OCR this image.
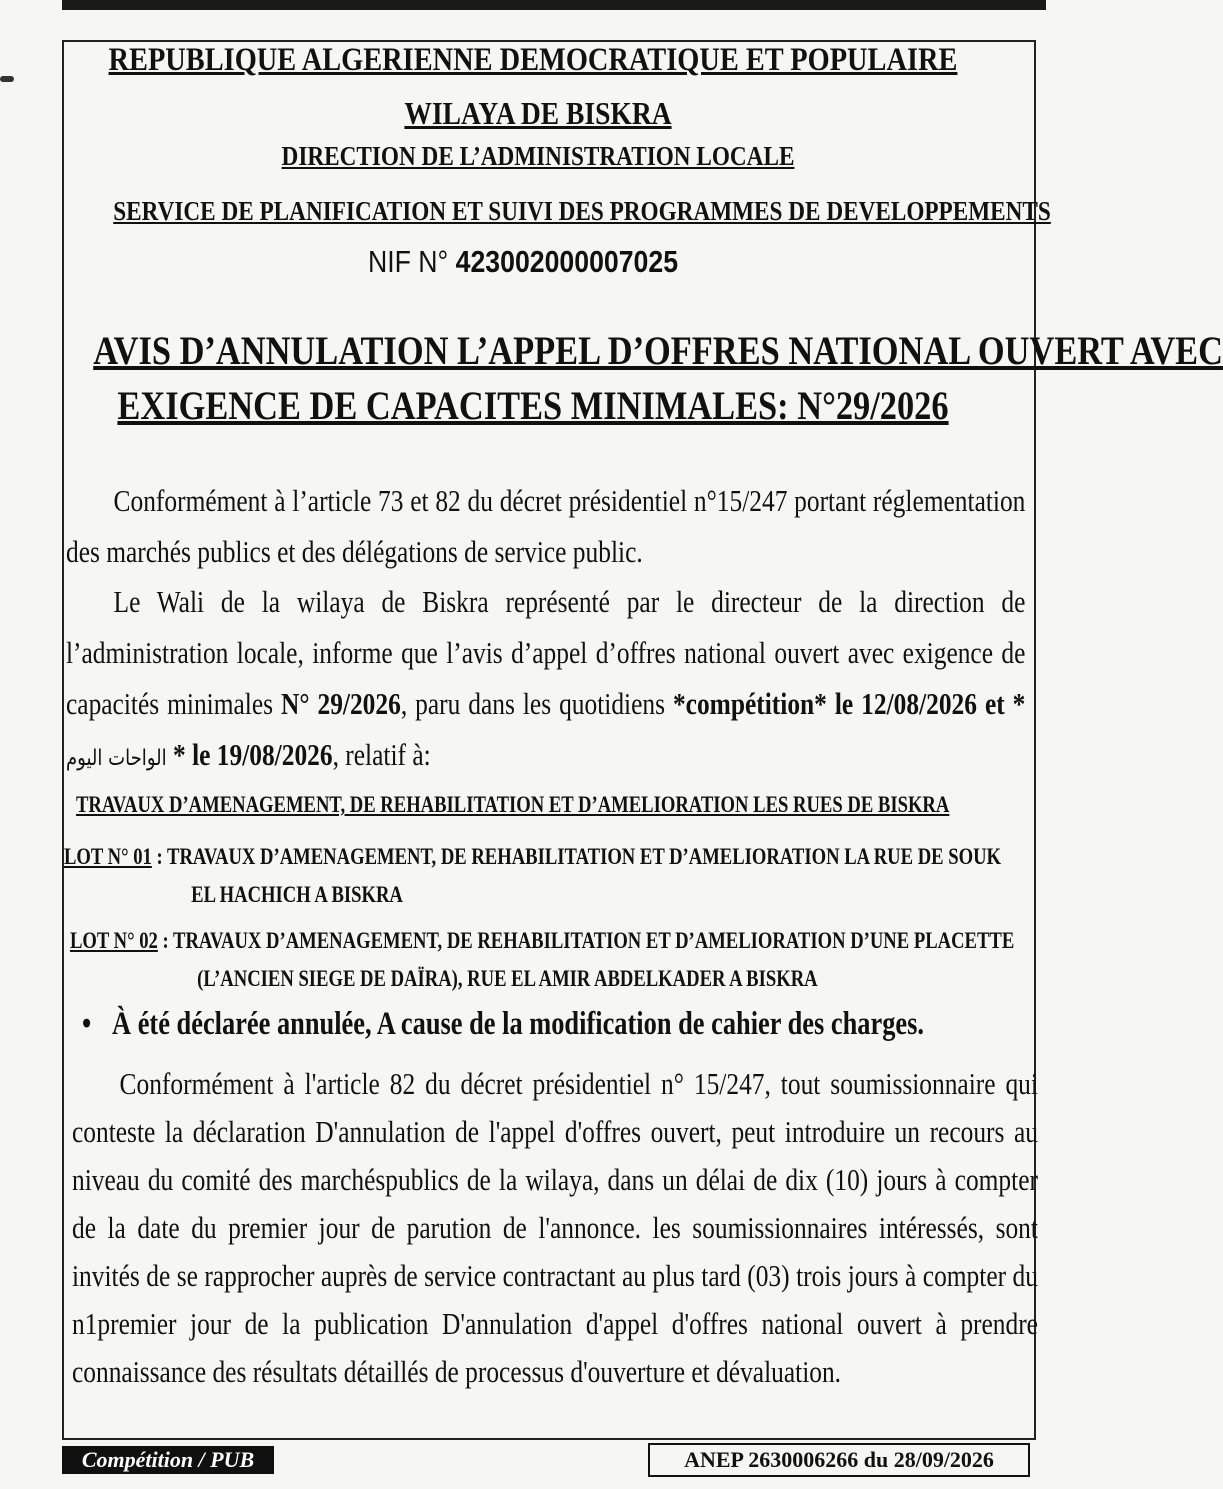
REPUBLIQUE ALGERIENNE DEMOCRATIQUE ET POPULAIRE
WILAYA DE BISKRA
DIRECTION DE L’ADMINISTRATION LOCALE
SERVICE DE PLANIFICATION ET SUIVI DES PROGRAMMES DE DEVELOPPEMENTS
NIF N° 423002000007025
AVIS D’ANNULATION L’APPEL D’OFFRES NATIONAL OUVERT AVEC
EXIGENCE DE CAPACITES MINIMALES: N°29/2026
Conformément à l’article 73 et 82 du décret présidentiel n°15/247 portant réglementation des marchés publics et des délégations de service public.
Le Wali de la wilaya de Biskra représenté par le directeur de la direction de l’administration locale, informe que l’avis d’appel d’offres national ouvert avec exigence de capacités minimales N° 29/2026, paru dans les quotidiens *compétition* le 12/08/2026 et * الواحات اليوم * le 19/08/2026, relatif à:
TRAVAUX D’AMENAGEMENT, DE REHABILITATION ET D’AMELIORATION LES RUES DE BISKRA
LOT N° 01 : TRAVAUX D’AMENAGEMENT, DE REHABILITATION ET D’AMELIORATION LA RUE DE SOUK
EL HACHICH A BISKRA
LOT N° 02 : TRAVAUX D’AMENAGEMENT, DE REHABILITATION ET D’AMELIORATION D’UNE PLACETTE
(L’ANCIEN SIEGE DE DAÏRA), RUE EL AMIR ABDELKADER A BISKRA
• À été déclarée annulée, A cause de la modification de cahier des charges.
Conformément à l'article 82 du décret présidentiel n° 15/247, tout soumissionnaire qui conteste la déclaration D'annulation de l'appel d'offres ouvert, peut introduire un recours au niveau du comité des marchéspublics de la wilaya, dans un délai de dix (10) jours à compter de la date du premier jour de parution de l'annonce. les soumissionnaires intéressés, sont invités de se rapprocher auprès de service contractant au plus tard (03) trois jours à compter du n1premier jour de la publication D'annulation d'appel d'offres national ouvert à prendre connaissance des résultats détaillés de processus d'ouverture et dévaluation.
Compétition / PUB	ANEP 2630006266 du 28/09/2026
